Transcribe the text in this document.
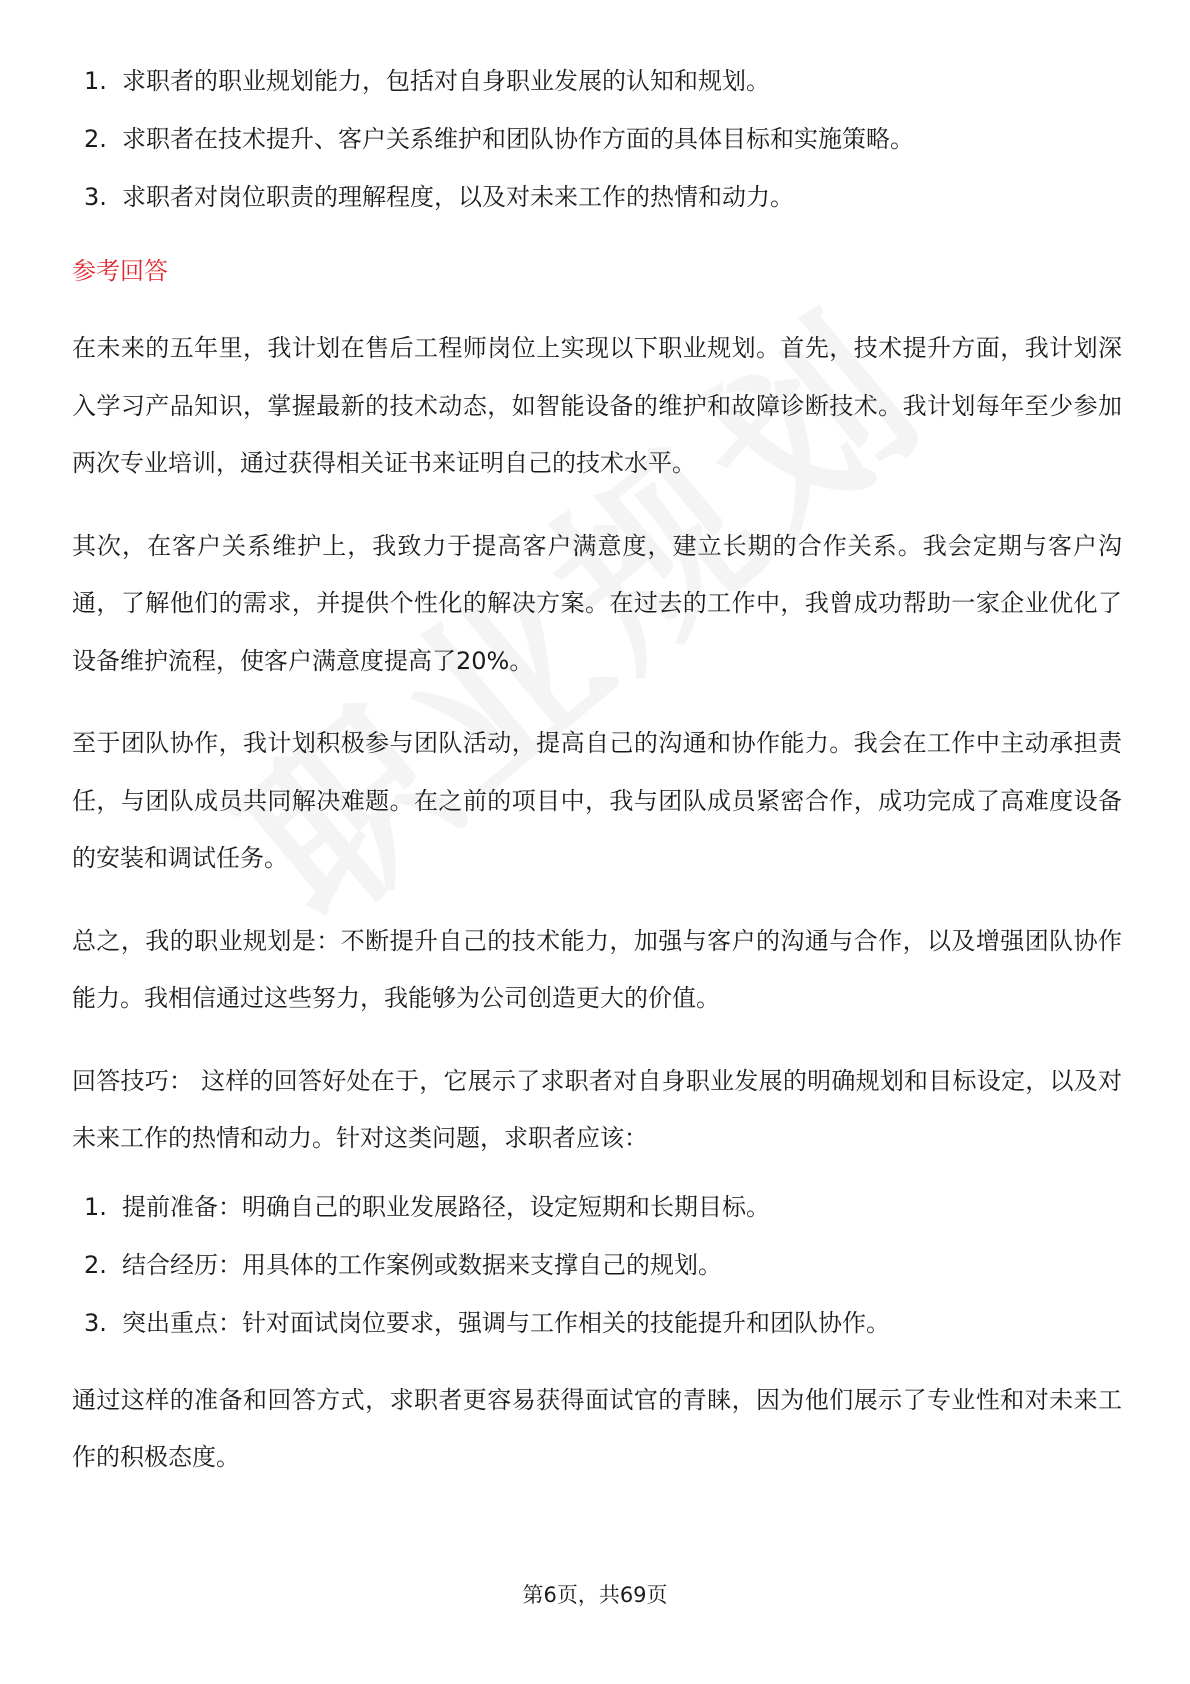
1. 求职者的职业规划能力，包括对自身职业发展的认知和规划。
2. 求职者在技术提升、客户关系维护和团队协作方面的具体目标和实施策略。
3. 求职者对岗位职责的理解程度，以及对未来工作的热情和动力。
参考回答

在未来的五年里，我计划在售后工程师岗位上实现以下职业规划。首先，技术提升方面，我计划深入学习产品知识，掌握最新的技术动态，如智能设备的维护和故障诊断技术。我计划每年至少参加两次专业培训，通过获得相关证书来证明自己的技术水平。

其次，在客户关系维护上，我致力于提高客户满意度，建立长期的合作关系。我会定期与客户沟通，了解他们的需求，并提供个性化的解决方案。在过去的工作中，我曾成功帮助一家企业优化了设备维护流程，使客户满意度提高了20%。

至于团队协作，我计划积极参与团队活动，提高自己的沟通和协作能力。我会在工作中主动承担责任，与团队成员共同解决难题。在之前的项目中，我与团队成员紧密合作，成功完成了高难度设备的安装和调试任务。

总之，我的职业规划是：不断提升自己的技术能力，加强与客户的沟通与合作，以及增强团队协作能力。我相信通过这些努力，我能够为公司创造更大的价值。

回答技巧： 这样的回答好处在于，它展示了求职者对自身职业发展的明确规划和目标设定，以及对未来工作的热情和动力。针对这类问题，求职者应该：

1. 提前准备：明确自己的职业发展路径，设定短期和长期目标。
2. 结合经历：用具体的工作案例或数据来支撑自己的规划。
3. 突出重点：针对面试岗位要求，强调与工作相关的技能提升和团队协作。

通过这样的准备和回答方式，求职者更容易获得面试官的青睐，因为他们展示了专业性和对未来工作的积极态度。

第6页，共69页
